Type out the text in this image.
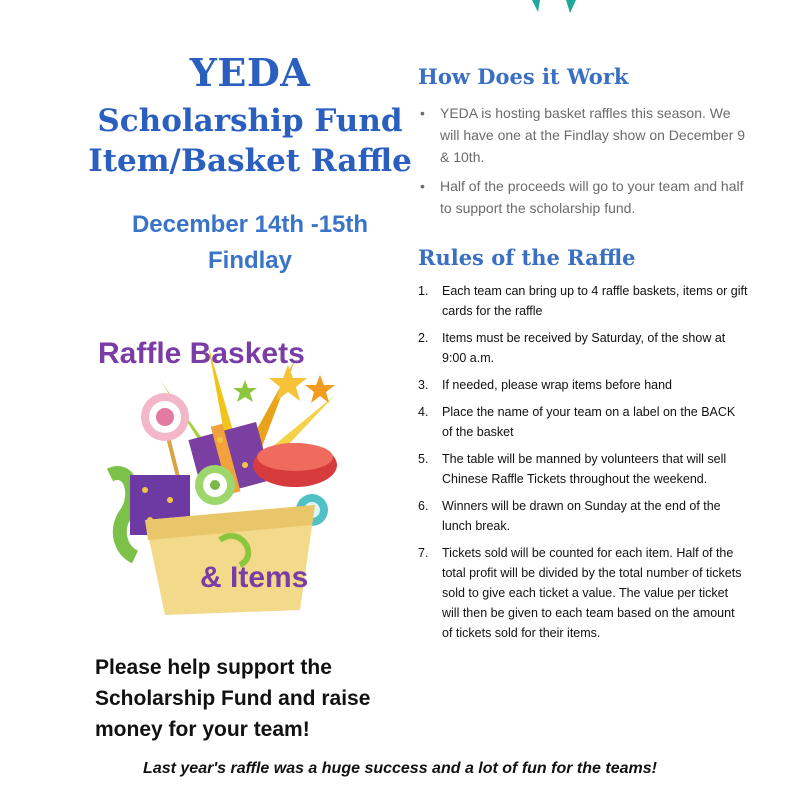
YEDA
Scholarship Fund
Item/Basket Raffle
December 14th -15th
Findlay
Raffle Baskets
& Items
Please help support the Scholarship Fund and raise money for your team!
How Does it Work
• YEDA is hosting basket raffles this season. We will have one at the Findlay show on December 9 & 10th.
• Half of the proceeds will go to your team and half to support the scholarship fund.
Rules of the Raffle
1. Each team can bring up to 4 raffle baskets, items or gift cards for the raffle
2. Items must be received by Saturday, of the show at 9:00 a.m.
3. If needed, please wrap items before hand
4. Place the name of your team on a label on the BACK of the basket
5. The table will be manned by volunteers that will sell Chinese Raffle Tickets throughout the weekend.
6. Winners will be drawn on Sunday at the end of the lunch break.
7. Tickets sold will be counted for each item. Half of the total profit will be divided by the total number of tickets sold to give each ticket a value. The value per ticket will then be given to each team based on the amount of tickets sold for their items.
Last year's raffle was a huge success and a lot of fun for the teams!
